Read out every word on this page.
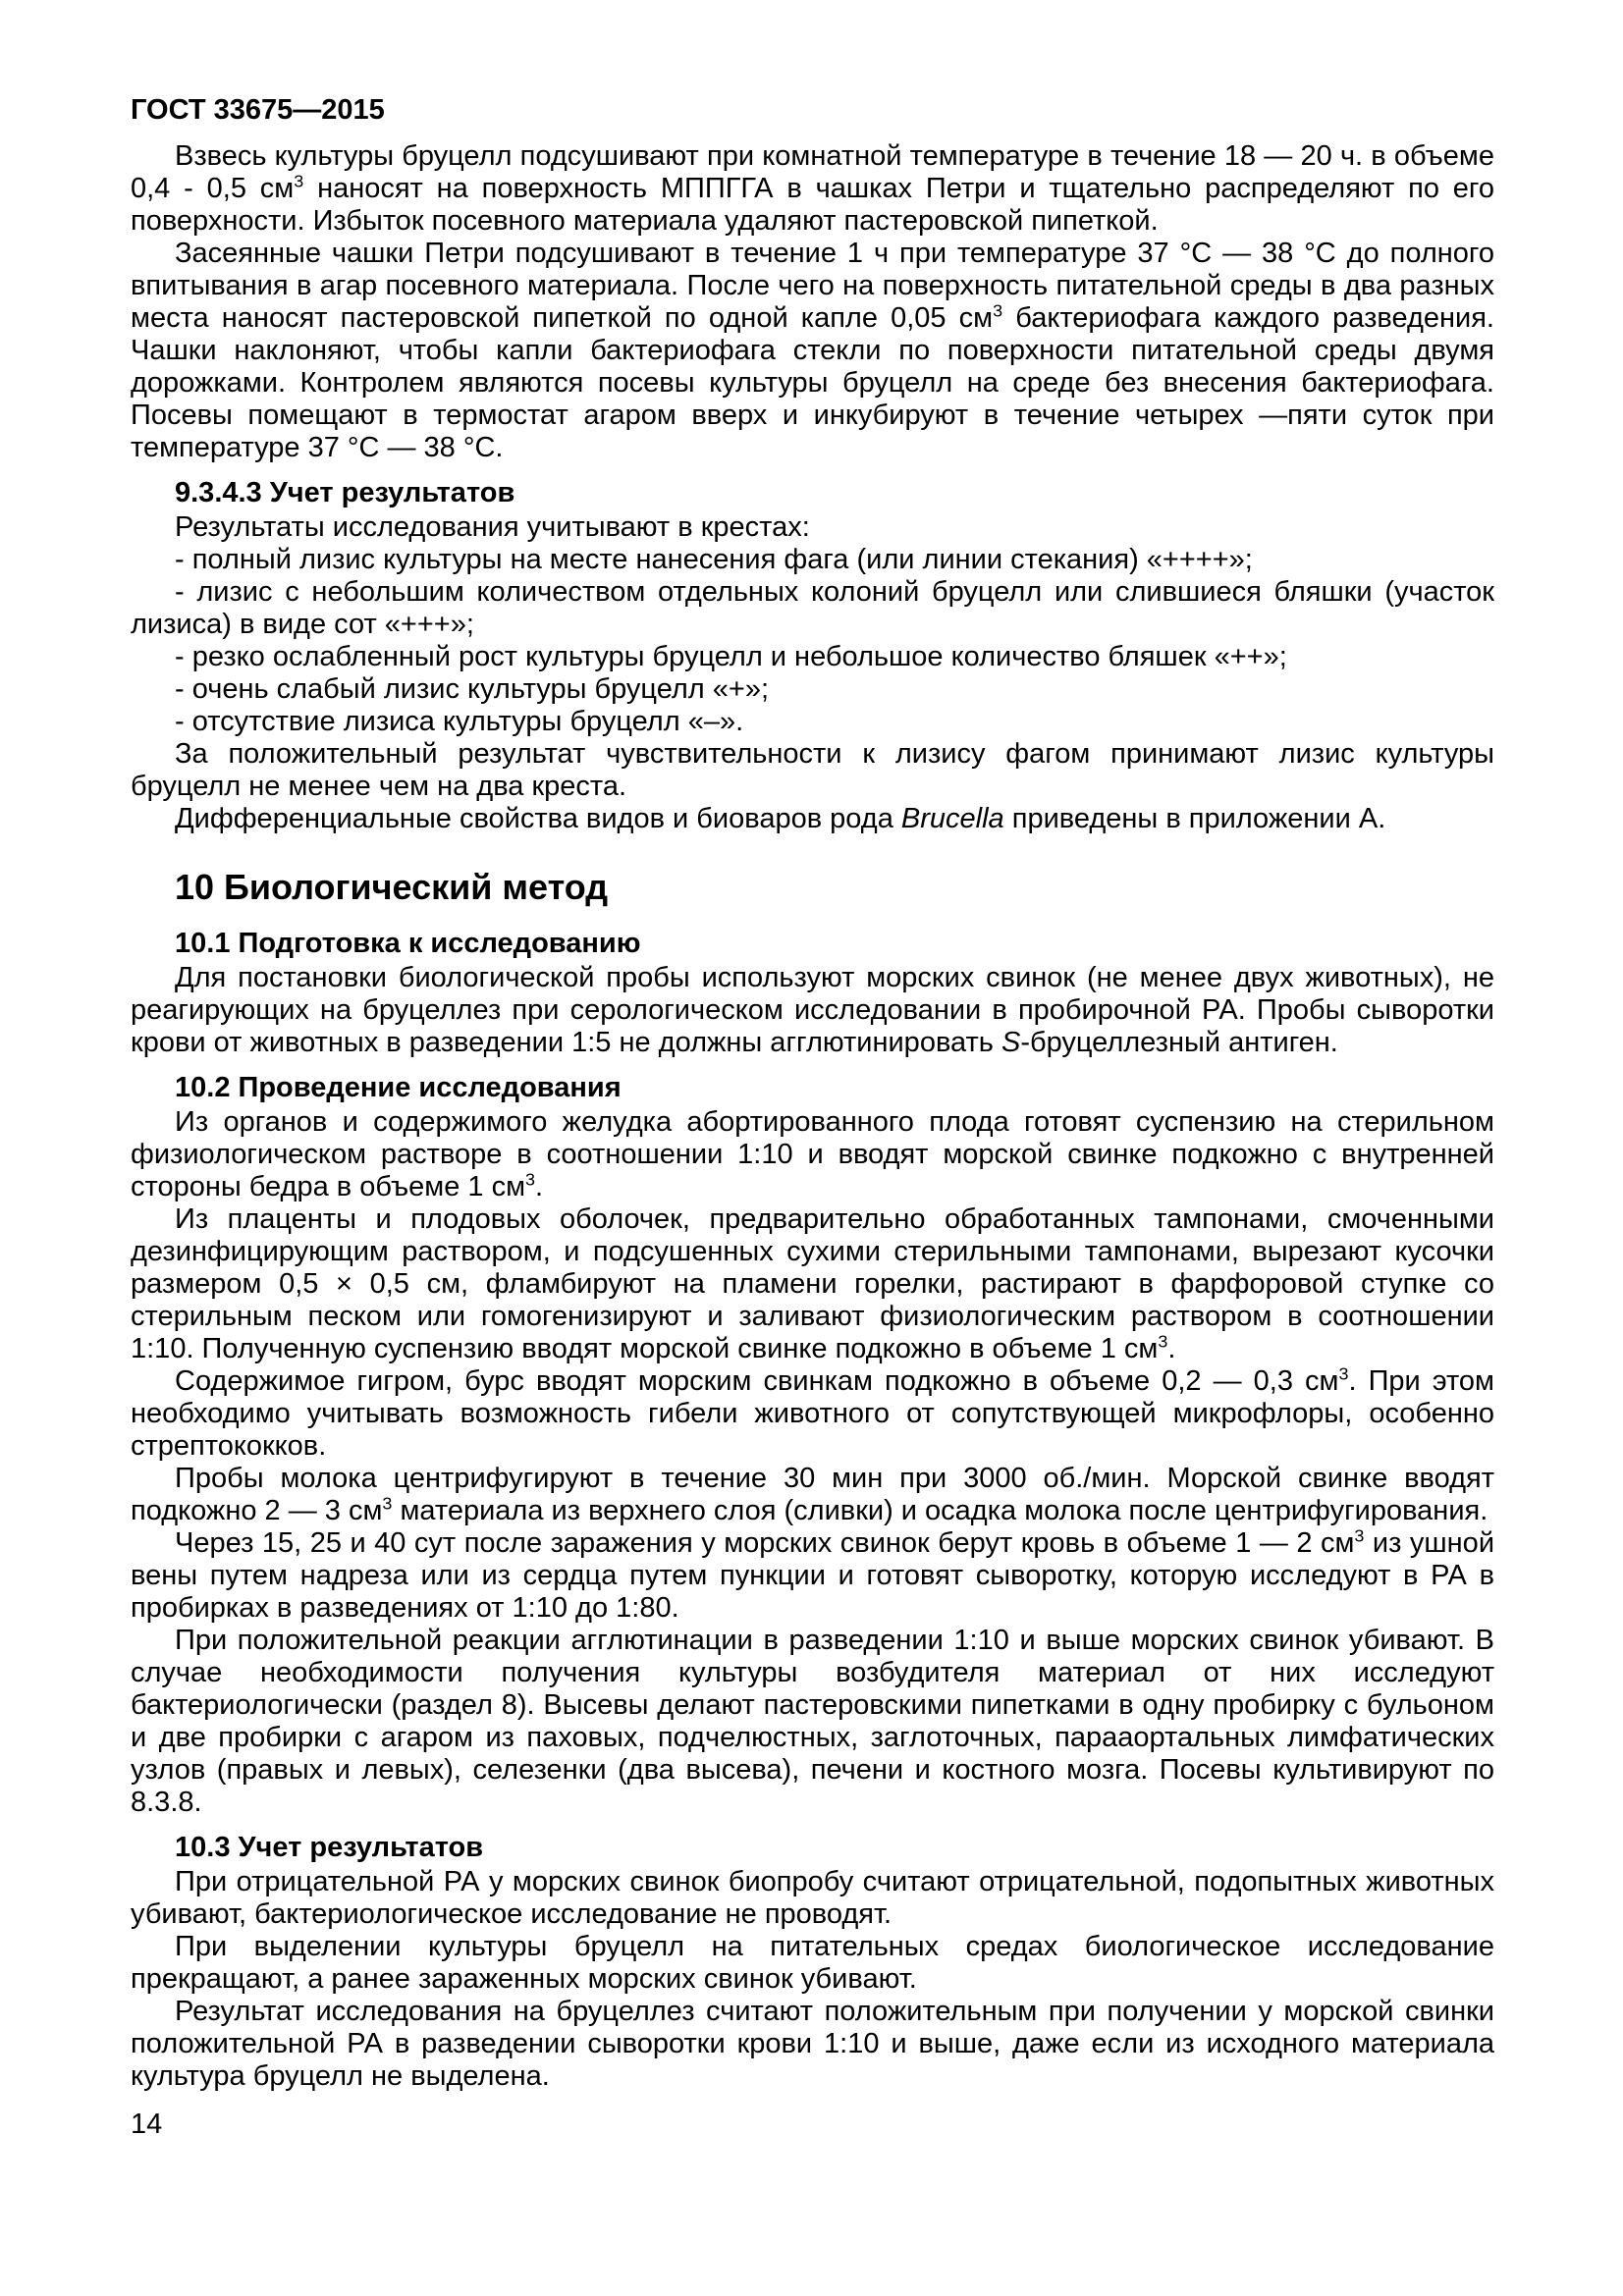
ГОСТ 33675—2015

Взвесь культуры бруцелл подсушивают при комнатной температуре в течение 18 — 20 ч. в объеме 0,4 - 0,5 $см^3$ наносят на поверхность МППГГА в чашках Петри и тщательно распределяют по его поверхности. Избыток посевного материала удаляют пастеровской пипеткой.

Засеянные чашки Петри подсушивают в течение 1 ч при температуре 37 °С — 38 °С до полного впитывания в агар посевного материала. После чего на поверхность питательной среды в два разных места наносят пастеровской пипеткой по одной капле 0,05 $см^3$ бактериофага каждого разведения. Чашки наклоняют, чтобы капли бактериофага стекли по поверхности питательной среды двумя дорожками. Контролем являются посевы культуры бруцелл на среде без внесения бактериофага. Посевы помещают в термостат агаром вверх и инкубируют в течение четырех —пяти суток при температуре 37 °С — 38 °С.

9.3.4.3 Учет результатов

Результаты исследования учитывают в крестах:

- полный лизис культуры на месте нанесения фага (или линии стекания) «++++»;

- лизис с небольшим количеством отдельных колоний бруцелл или слившиеся бляшки (участок лизиса) в виде сот «+++»;

- резко ослабленный рост культуры бруцелл и небольшое количество бляшек «++»;

- очень слабый лизис культуры бруцелл «+»;

- отсутствие лизиса культуры бруцелл «–».

За положительный результат чувствительности к лизису фагом принимают лизис культуры бруцелл не менее чем на два креста.

Дифференциальные свойства видов и биоваров рода Brucella приведены в приложении А.

10 Биологический метод
10.1 Подготовка к исследованию

Для постановки биологической пробы используют морских свинок (не менее двух животных), не реагирующих на бруцеллез при серологическом исследовании в пробирочной РА. Пробы сыворотки крови от животных в разведении 1:5 не должны агглютинировать S-бруцеллезный антиген.

10.2 Проведение исследования

Из органов и содержимого желудка абортированного плода готовят суспензию на стерильном физиологическом растворе в соотношении 1:10 и вводят морской свинке подкожно с внутренней стороны бедра в объеме 1 $см^3$.

Из плаценты и плодовых оболочек, предварительно обработанных тампонами, смоченными дезинфицирующим раствором, и подсушенных сухими стерильными тампонами, вырезают кусочки размером 0,5 × 0,5 см, фламбируют на пламени горелки, растирают в фарфоровой ступке со стерильным песком или гомогенизируют и заливают физиологическим раствором в соотношении 1:10. Полученную суспензию вводят морской свинке подкожно в объеме 1 $см^3$.

Содержимое гигром, бурс вводят морским свинкам подкожно в объеме 0,2 — 0,3 $см^3$. При этом необходимо учитывать возможность гибели животного от сопутствующей микрофлоры, особенно стрептококков.

Пробы молока центрифугируют в течение 30 мин при 3000 об./мин. Морской свинке вводят подкожно 2 — 3 $см^3$ материала из верхнего слоя (сливки) и осадка молока после центрифугирования.

Через 15, 25 и 40 сут после заражения у морских свинок берут кровь в объеме 1 — 2 $см^3$ из ушной вены путем надреза или из сердца путем пункции и готовят сыворотку, которую исследуют в РА в пробирках в разведениях от 1:10 до 1:80.

При положительной реакции агглютинации в разведении 1:10 и выше морских свинок убивают. В случае необходимости получения культуры возбудителя материал от них исследуют бактериологически (раздел 8). Высевы делают пастеровскими пипетками в одну пробирку с бульоном и две пробирки с агаром из паховых, подчелюстных, заглоточных, парааортальных лимфатических узлов (правых и левых), селезенки (два высева), печени и костного мозга. Посевы культивируют по 8.3.8.

10.3 Учет результатов

При отрицательной РА у морских свинок биопробу считают отрицательной, подопытных животных убивают, бактериологическое исследование не проводят.

При выделении культуры бруцелл на питательных средах биологическое исследование прекращают, а ранее зараженных морских свинок убивают.

Результат исследования на бруцеллез считают положительным при получении у морской свинки положительной РА в разведении сыворотки крови 1:10 и выше, даже если из исходного материала культура бруцелл не выделена.

14
